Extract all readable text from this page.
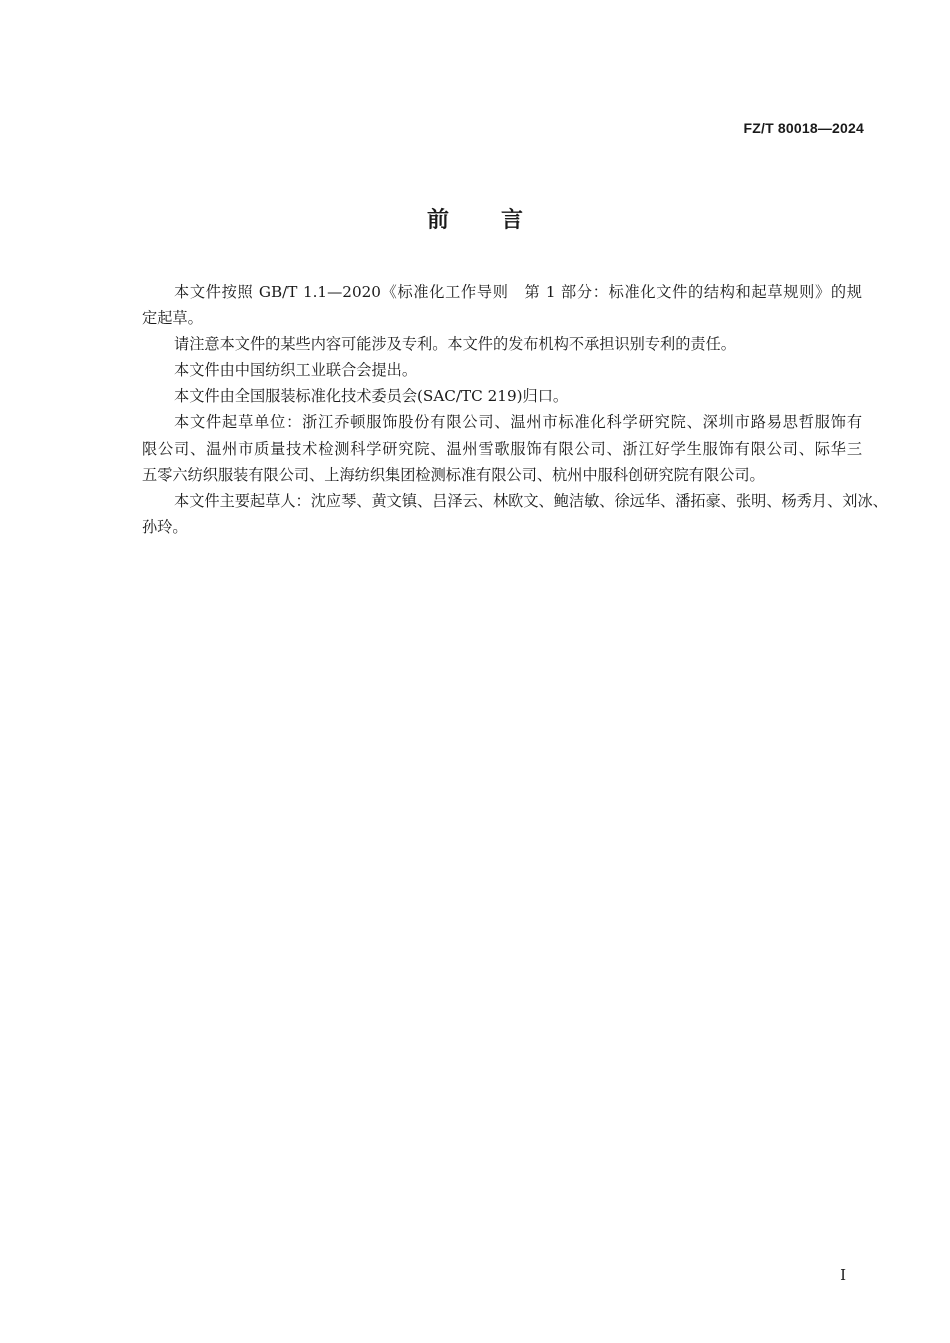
FZ/T 80018—2024
前言

本文件按照 GB/T 1.1—2020《标准化工作导则　第 1 部分：标准化文件的结构和起草规则》的规
定起草。

请注意本文件的某些内容可能涉及专利。本文件的发布机构不承担识别专利的责任。

本文件由中国纺织工业联合会提出。

本文件由全国服装标准化技术委员会(SAC/TC 219)归口。

本文件起草单位：浙江乔顿服饰股份有限公司、温州市标准化科学研究院、深圳市路易思哲服饰有
限公司、温州市质量技术检测科学研究院、温州雪歌服饰有限公司、浙江好学生服饰有限公司、际华三
五零六纺织服装有限公司、上海纺织集团检测标准有限公司、杭州中服科创研究院有限公司。

本文件主要起草人：沈应琴、黄文镇、吕泽云、林欧文、鲍洁敏、徐远华、潘拓豪、张明、杨秀月、刘冰、
孙玲。

I
